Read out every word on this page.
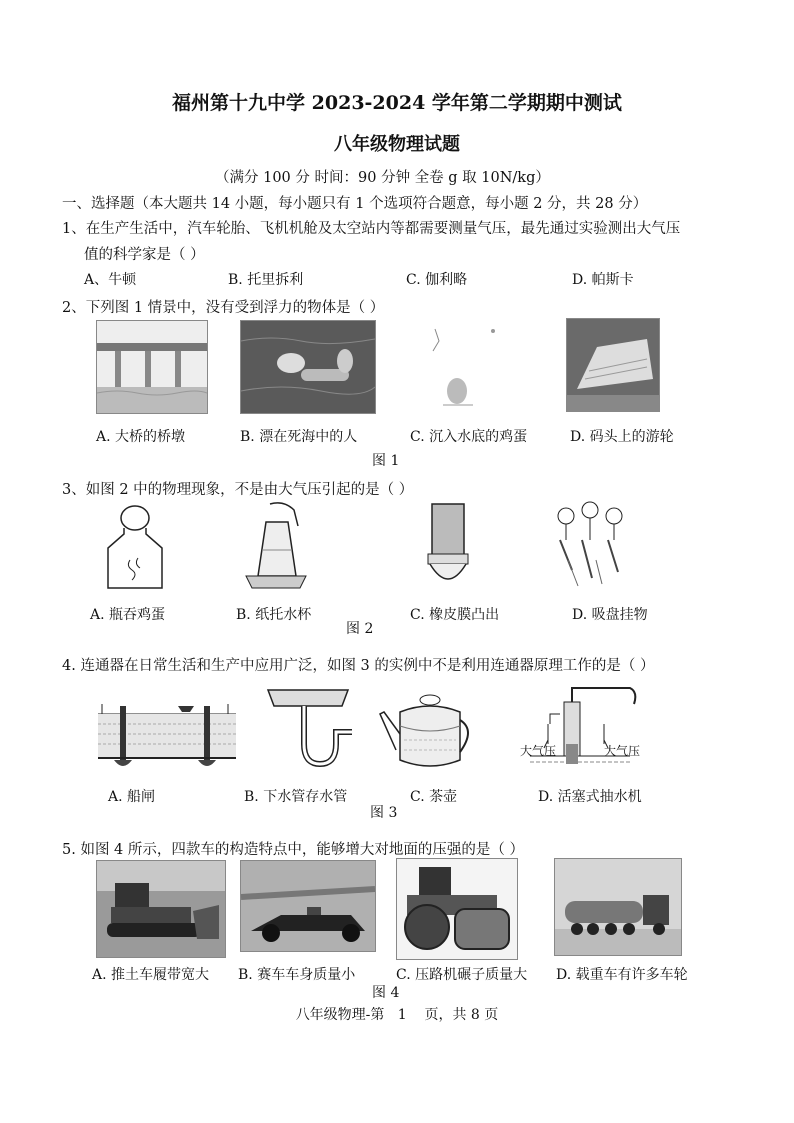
福州第十九中学 2023-2024 学年第二学期期中测试
八年级物理试题
（满分 100 分 时间：90 分钟 全卷 g 取 10N/kg）
一、选择题（本大题共 14 小题，每小题只有 1 个选项符合题意，每小题 2 分，共 28 分）
1、在生产生活中，汽车轮胎、飞机机舱及太空站内等都需要测量气压，最先通过实验测出大气压
值的科学家是（ ）
A、牛顿	B. 托里拆利	C. 伽利略	D. 帕斯卡
2、下列图 1 情景中，没有受到浮力的物体是（ ）
A. 大桥的桥墩	B. 漂在死海中的人	C. 沉入水底的鸡蛋	D. 码头上的游轮
图 1
3、如图 2 中的物理现象，不是由大气压引起的是（ ）
A. 瓶吞鸡蛋	B. 纸托水杯
图 2
C. 橡皮膜凸出	D. 吸盘挂物
4. 连通器在日常生活和生产中应用广泛，如图 3 的实例中不是利用连通器原理工作的是（ ）
大气压	大气压
A. 船闸	B. 下水管存水管
图 3
C. 茶壶	D. 活塞式抽水机
5. 如图 4 所示，四款车的构造特点中，能够增大对地面的压强的是（ ）
A. 推土车履带宽大 B. 赛车车身质量小
图 4
C. 压路机碾子质量大 D. 载重车有许多车轮
八年级物理-第   1    页，共 8 页
